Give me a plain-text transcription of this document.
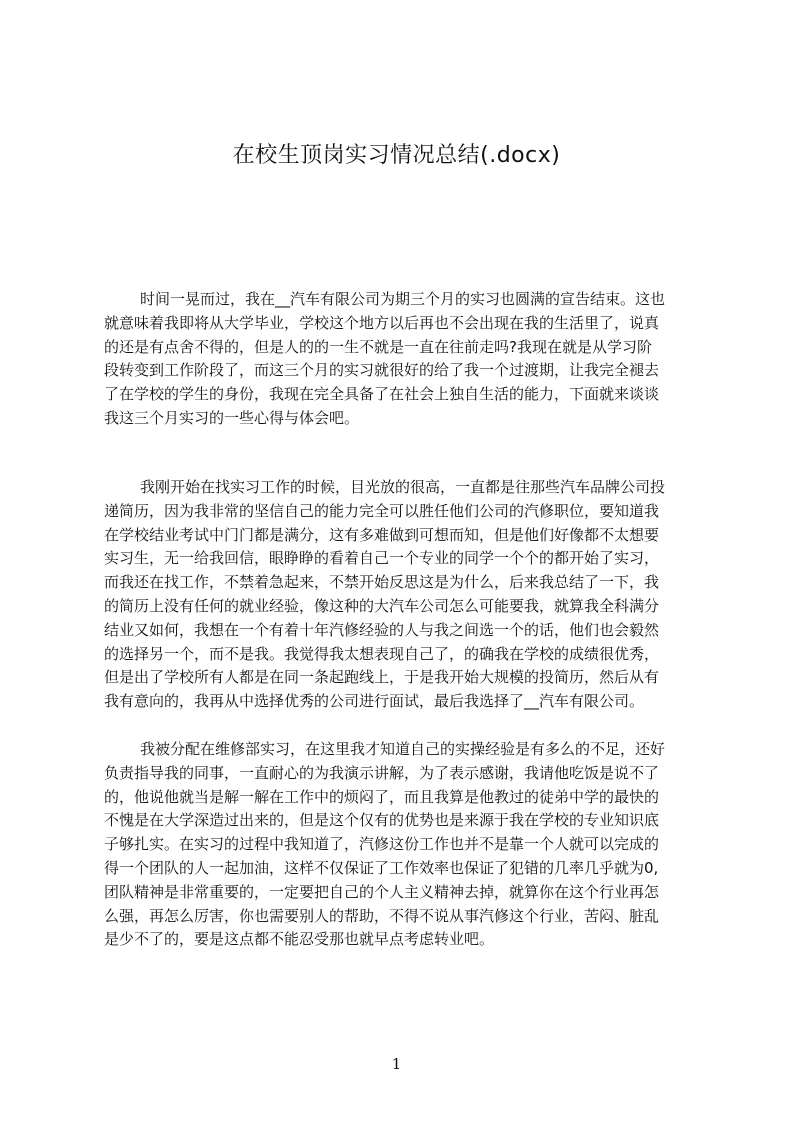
在校生顶岗实习情况总结(.docx)
时间一晃而过，我在__汽车有限公司为期三个月的实习也圆满的宣告结束。这也
就意味着我即将从大学毕业，学校这个地方以后再也不会出现在我的生活里了，说真
的还是有点舍不得的，但是人的的一生不就是一直在往前走吗?我现在就是从学习阶
段转变到工作阶段了，而这三个月的实习就很好的给了我一个过渡期，让我完全褪去
了在学校的学生的身份，我现在完全具备了在社会上独自生活的能力，下面就来谈谈
我这三个月实习的一些心得与体会吧。
我刚开始在找实习工作的时候，目光放的很高，一直都是往那些汽车品牌公司投
递简历，因为我非常的坚信自己的能力完全可以胜任他们公司的汽修职位，要知道我
在学校结业考试中门门都是满分，这有多难做到可想而知，但是他们好像都不太想要
实习生，无一给我回信，眼睁睁的看着自己一个专业的同学一个个的都开始了实习，
而我还在找工作，不禁着急起来，不禁开始反思这是为什么，后来我总结了一下，我
的简历上没有任何的就业经验，像这种的大汽车公司怎么可能要我，就算我全科满分
结业又如何，我想在一个有着十年汽修经验的人与我之间选一个的话，他们也会毅然
的选择另一个，而不是我。我觉得我太想表现自己了，的确我在学校的成绩很优秀，
但是出了学校所有人都是在同一条起跑线上，于是我开始大规模的投简历，然后从有
我有意向的，我再从中选择优秀的公司进行面试，最后我选择了__汽车有限公司。
我被分配在维修部实习，在这里我才知道自己的实操经验是有多么的不足，还好
负责指导我的同事，一直耐心的为我演示讲解，为了表示感谢，我请他吃饭是说不了
的，他说他就当是解一解在工作中的烦闷了，而且我算是他教过的徒弟中学的最快的
不愧是在大学深造过出来的，但是这个仅有的优势也是来源于我在学校的专业知识底
子够扎实。在实习的过程中我知道了，汽修这份工作也并不是靠一个人就可以完成的
得一个团队的人一起加油，这样不仅保证了工作效率也保证了犯错的几率几乎就为0,
团队精神是非常重要的，一定要把自己的个人主义精神去掉，就算你在这个行业再怎
么强，再怎么厉害，你也需要别人的帮助，不得不说从事汽修这个行业，苦闷、脏乱
是少不了的，要是这点都不能忍受那也就早点考虑转业吧。
1
